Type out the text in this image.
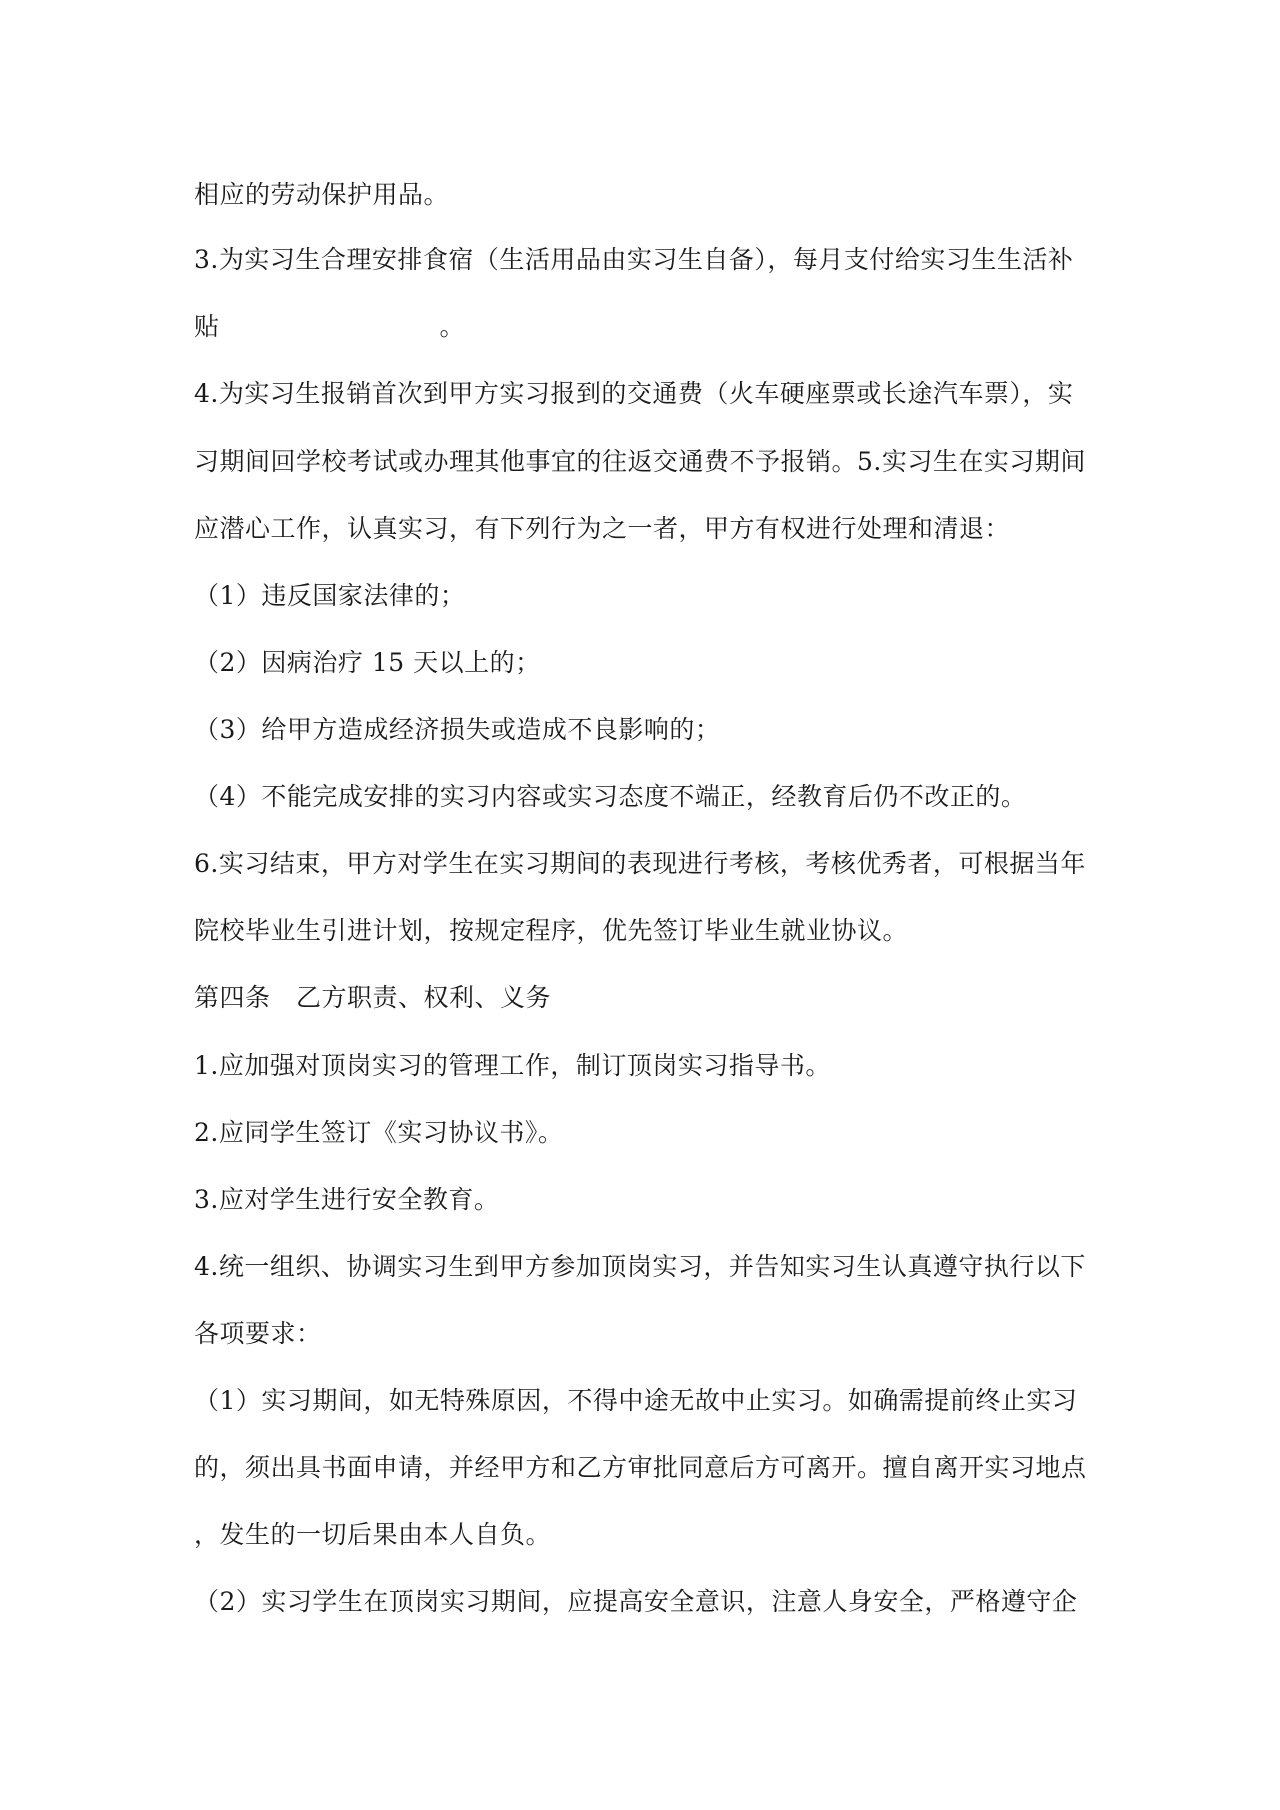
相应的劳动保护用品。
3.为实习生合理安排食宿（生活用品由实习生自备），每月支付给实习生生活补
贴	。
4.为实习生报销首次到甲方实习报到的交通费（火车硬座票或长途汽车票），实
习期间回学校考试或办理其他事宜的往返交通费不予报销。5.实习生在实习期间
应潜心工作，认真实习，有下列行为之一者，甲方有权进行处理和清退：
（1）违反国家法律的；
（2）因病治疗 15 天以上的；
（3）给甲方造成经济损失或造成不良影响的；
（4）不能完成安排的实习内容或实习态度不端正，经教育后仍不改正的。
6.实习结束，甲方对学生在实习期间的表现进行考核，考核优秀者，可根据当年
院校毕业生引进计划，按规定程序，优先签订毕业生就业协议。
第四条　乙方职责、权利、义务
1.应加强对顶岗实习的管理工作，制订顶岗实习指导书。
2.应同学生签订《实习协议书》。
3.应对学生进行安全教育。
4.统一组织、协调实习生到甲方参加顶岗实习，并告知实习生认真遵守执行以下
各项要求：
（1）实习期间，如无特殊原因，不得中途无故中止实习。如确需提前终止实习
的，须出具书面申请，并经甲方和乙方审批同意后方可离开。擅自离开实习地点
，发生的一切后果由本人自负。
（2）实习学生在顶岗实习期间，应提高安全意识，注意人身安全，严格遵守企
